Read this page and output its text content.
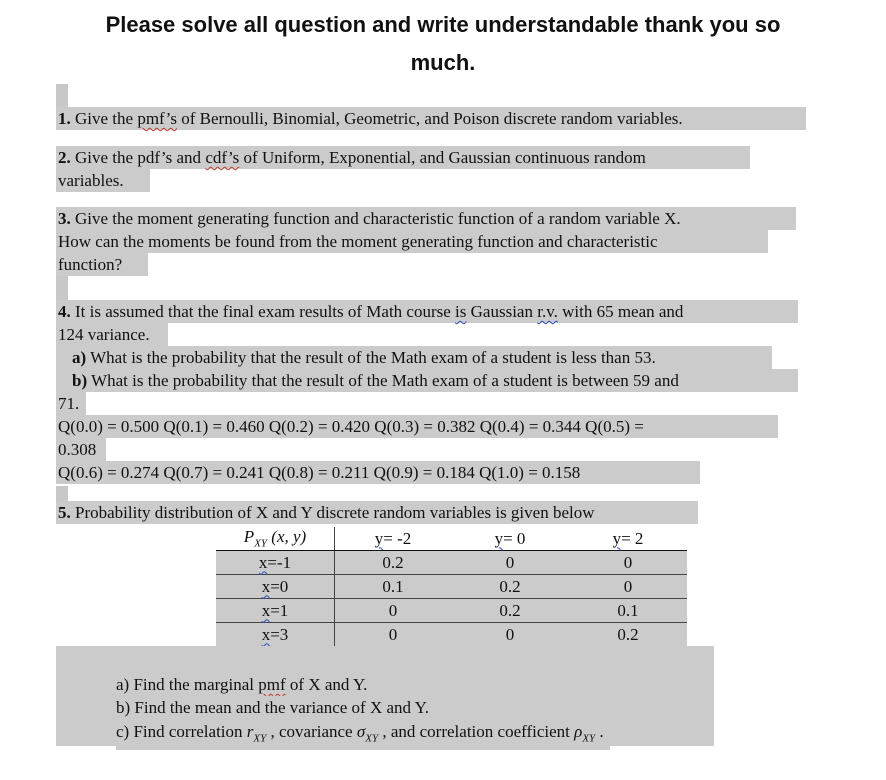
Please solve all question and write understandable thank you so
much.
1. Give the pmf’s of Bernoulli, Binomial, Geometric, and Poison discrete random variables.
2. Give the pdf’s and cdf’s of Uniform, Exponential, and Gaussian continuous random
variables.
3. Give the moment generating function and characteristic function of a random variable X.
How can the moments be found from the moment generating function and characteristic
function?
4. It is assumed that the final exam results of Math course is Gaussian r.v. with 65 mean and
124 variance.
a) What is the probability that the result of the Math exam of a student is less than 53.
b) What is the probability that the result of the Math exam of a student is between 59 and
71.
Q(0.0) = 0.500 Q(0.1) = 0.460 Q(0.2) = 0.420 Q(0.3) = 0.382 Q(0.4) = 0.344 Q(0.5) =
0.308
Q(0.6) = 0.274 Q(0.7) = 0.241 Q(0.8) = 0.211 Q(0.9) = 0.184 Q(1.0) = 0.158
5. Probability distribution of X and Y discrete random variables is given below
$P_{XY}$ (x, y)	y= -2	y= 0	y= 2
x=-1	0.2	0	0
x=0	0.1	0.2	0
x=1	0	0.2	0.1
x=3	0	0	0.2
a) Find the marginal pmf of X and Y.
b) Find the mean and the variance of X and Y.
c) Find correlation $r_{XY}$ , covariance $\sigma_{XY}$ , and correlation coefficient $\rho_{XY}$ .
